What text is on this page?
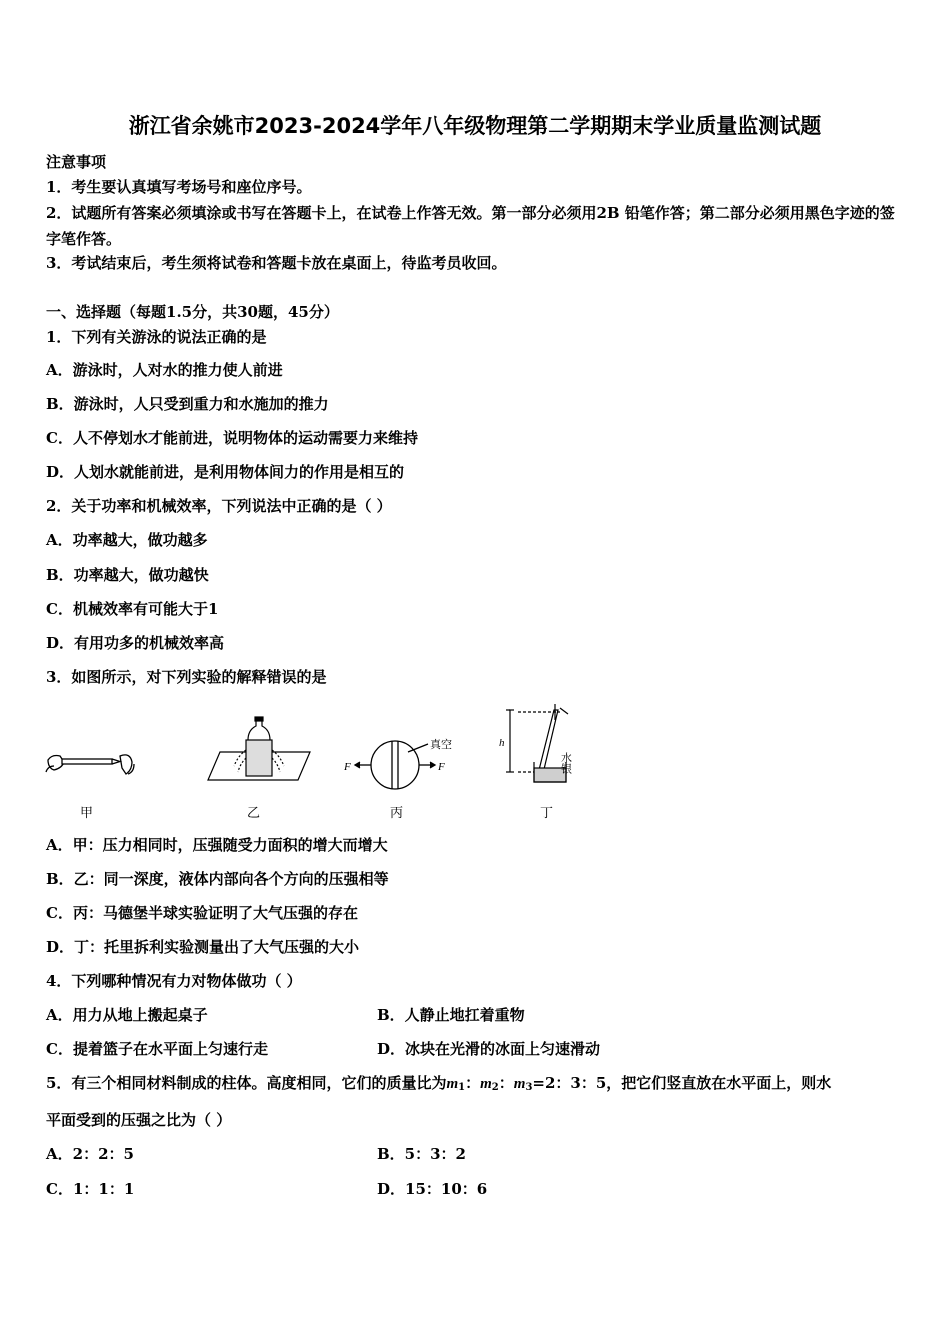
浙江省余姚市2023-2024学年八年级物理第二学期期末学业质量监测试题
注意事项
1．考生要认真填写考场号和座位序号。
2．试题所有答案必须填涂或书写在答题卡上，在试卷上作答无效。第一部分必须用2B 铅笔作答；第二部分必须用黑色字迹的签字笔作答。
3．考试结束后，考生须将试卷和答题卡放在桌面上，待监考员收回。
一、选择题（每题1.5分，共30题，45分）
1．下列有关游泳的说法正确的是
A．游泳时，人对水的推力使人前进
B．游泳时，人只受到重力和水施加的推力
C．人不停划水才能前进，说明物体的运动需要力来维持
D．人划水就能前进，是利用物体间力的作用是相互的
2．关于功率和机械效率，下列说法中正确的是（ ）
A．功率越大，做功越多
B．功率越大，做功越快
C．机械效率有可能大于1
D．有用功多的机械效率高
3．如图所示，对下列实验的解释错误的是
真空
F	F
h
水银
甲	乙	丙	丁
A．甲：压力相同时，压强随受力面积的增大而增大
B．乙：同一深度，液体内部向各个方向的压强相等
C．丙：马德堡半球实验证明了大气压强的存在
D．丁：托里拆利实验测量出了大气压强的大小
4．下列哪种情况有力对物体做功（ ）
A．用力从地上搬起桌子	B．人静止地扛着重物
C．提着篮子在水平面上匀速行走	D．冰块在光滑的冰面上匀速滑动
5．有三个相同材料制成的柱体。高度相同，它们的质量比为$m_1$：$m_2$：$m_3=2$：3：5，把它们竖直放在水平面上，则水
平面受到的压强之比为（ ）
A．2：2：5	B．5：3：2
C．1：1：1	D．15：10：6
